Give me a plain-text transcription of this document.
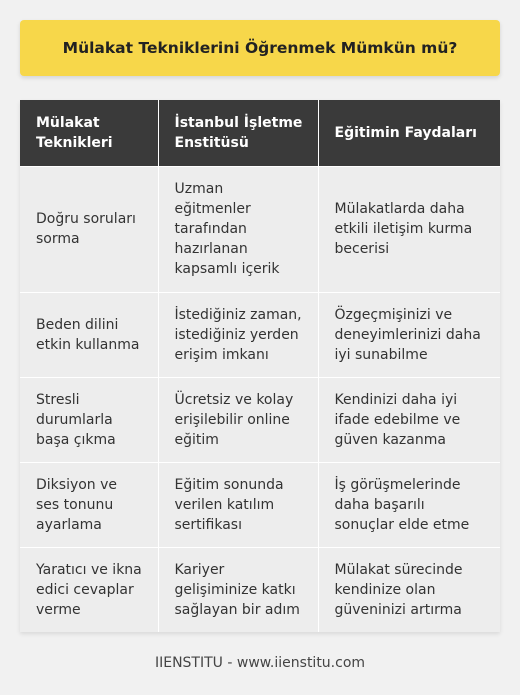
Mülakat Tekniklerini Öğrenmek Mümkün mü?
Mülakat Teknikleri	İstanbul İşletme Enstitüsü	Eğitimin Faydaları
Doğru soruları sorma	Uzman eğitmenler tarafından hazırlanan kapsamlı içerik	Mülakatlarda daha etkili iletişim kurma becerisi
Beden dilini etkin kullanma	İstediğiniz zaman, istediğiniz yerden erişim imkanı	Özgeçmişinizi ve deneyimlerinizi daha iyi sunabilme
Stresli durumlarla başa çıkma	Ücretsiz ve kolay erişilebilir online eğitim	Kendinizi daha iyi ifade edebilme ve güven kazanma
Diksiyon ve ses tonunu ayarlama	Eğitim sonunda verilen katılım sertifikası	İş görüşmelerinde daha başarılı sonuçlar elde etme
Yaratıcı ve ikna edici cevaplar verme	Kariyer gelişiminize katkı sağlayan bir adım	Mülakat sürecinde kendinize olan güveninizi artırma
IIENSTITU - www.iienstitu.com
